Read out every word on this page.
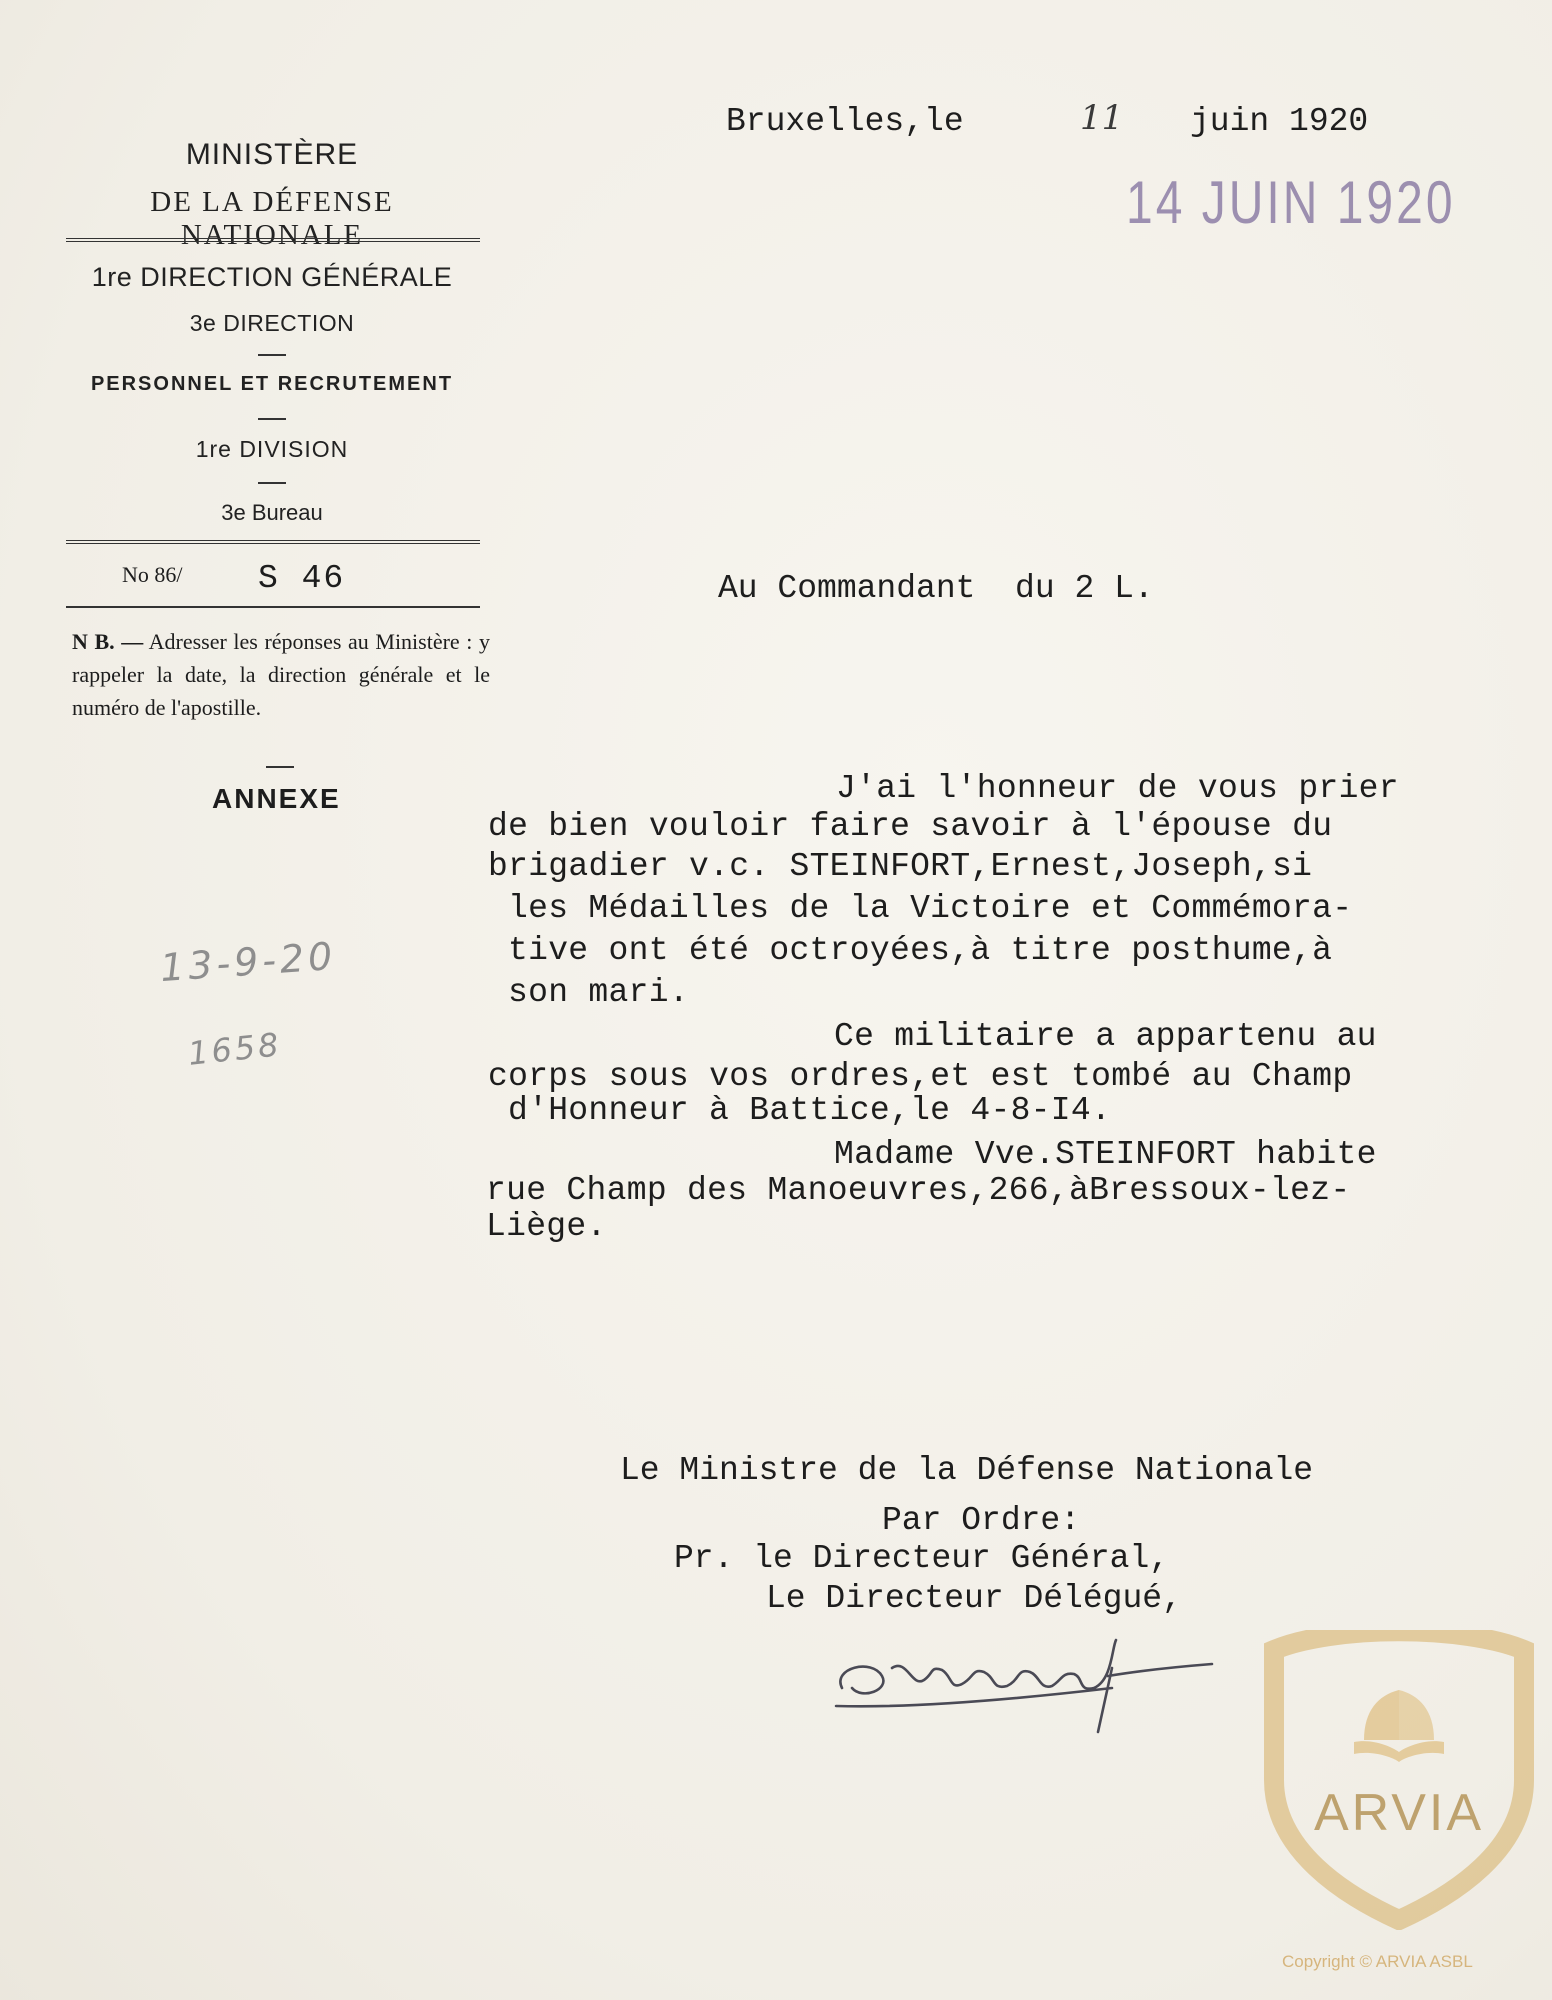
MINISTÈRE
DE LA DÉFENSE NATIONALE
1re DIRECTION GÉNÉRALE
3e DIRECTION
PERSONNEL ET RECRUTEMENT
1re DIVISION
3e Bureau
No 86/ S 46
N B. — Adresser les réponses au Ministère : y rappeler la date, la direction générale et le numéro de l'apostille.
ANNEXE
13-9-20
1658
Bruxelles,le	11 juin 1920
14 JUIN 1920
Au Commandant  du 2 L.
J'ai l'honneur de vous prier
de bien vouloir faire savoir à l'épouse du
brigadier v.c. STEINFORT,Ernest,Joseph,si
les Médailles de la Victoire et Commémora-
tive ont été octroyées,à titre posthume,à
son mari.
Ce militaire a appartenu au
corps sous vos ordres,et est tombé au Champ
d'Honneur à Battice,le 4-8-I4.
Madame Vve.STEINFORT habite
rue Champ des Manoeuvres,266,àBressoux-lez-
Liège.
Le Ministre de la Défense Nationale
Par Ordre:
Pr. le Directeur Général,
Le Directeur Délégué,
ARVIA
Copyright © ARVIA ASBL
